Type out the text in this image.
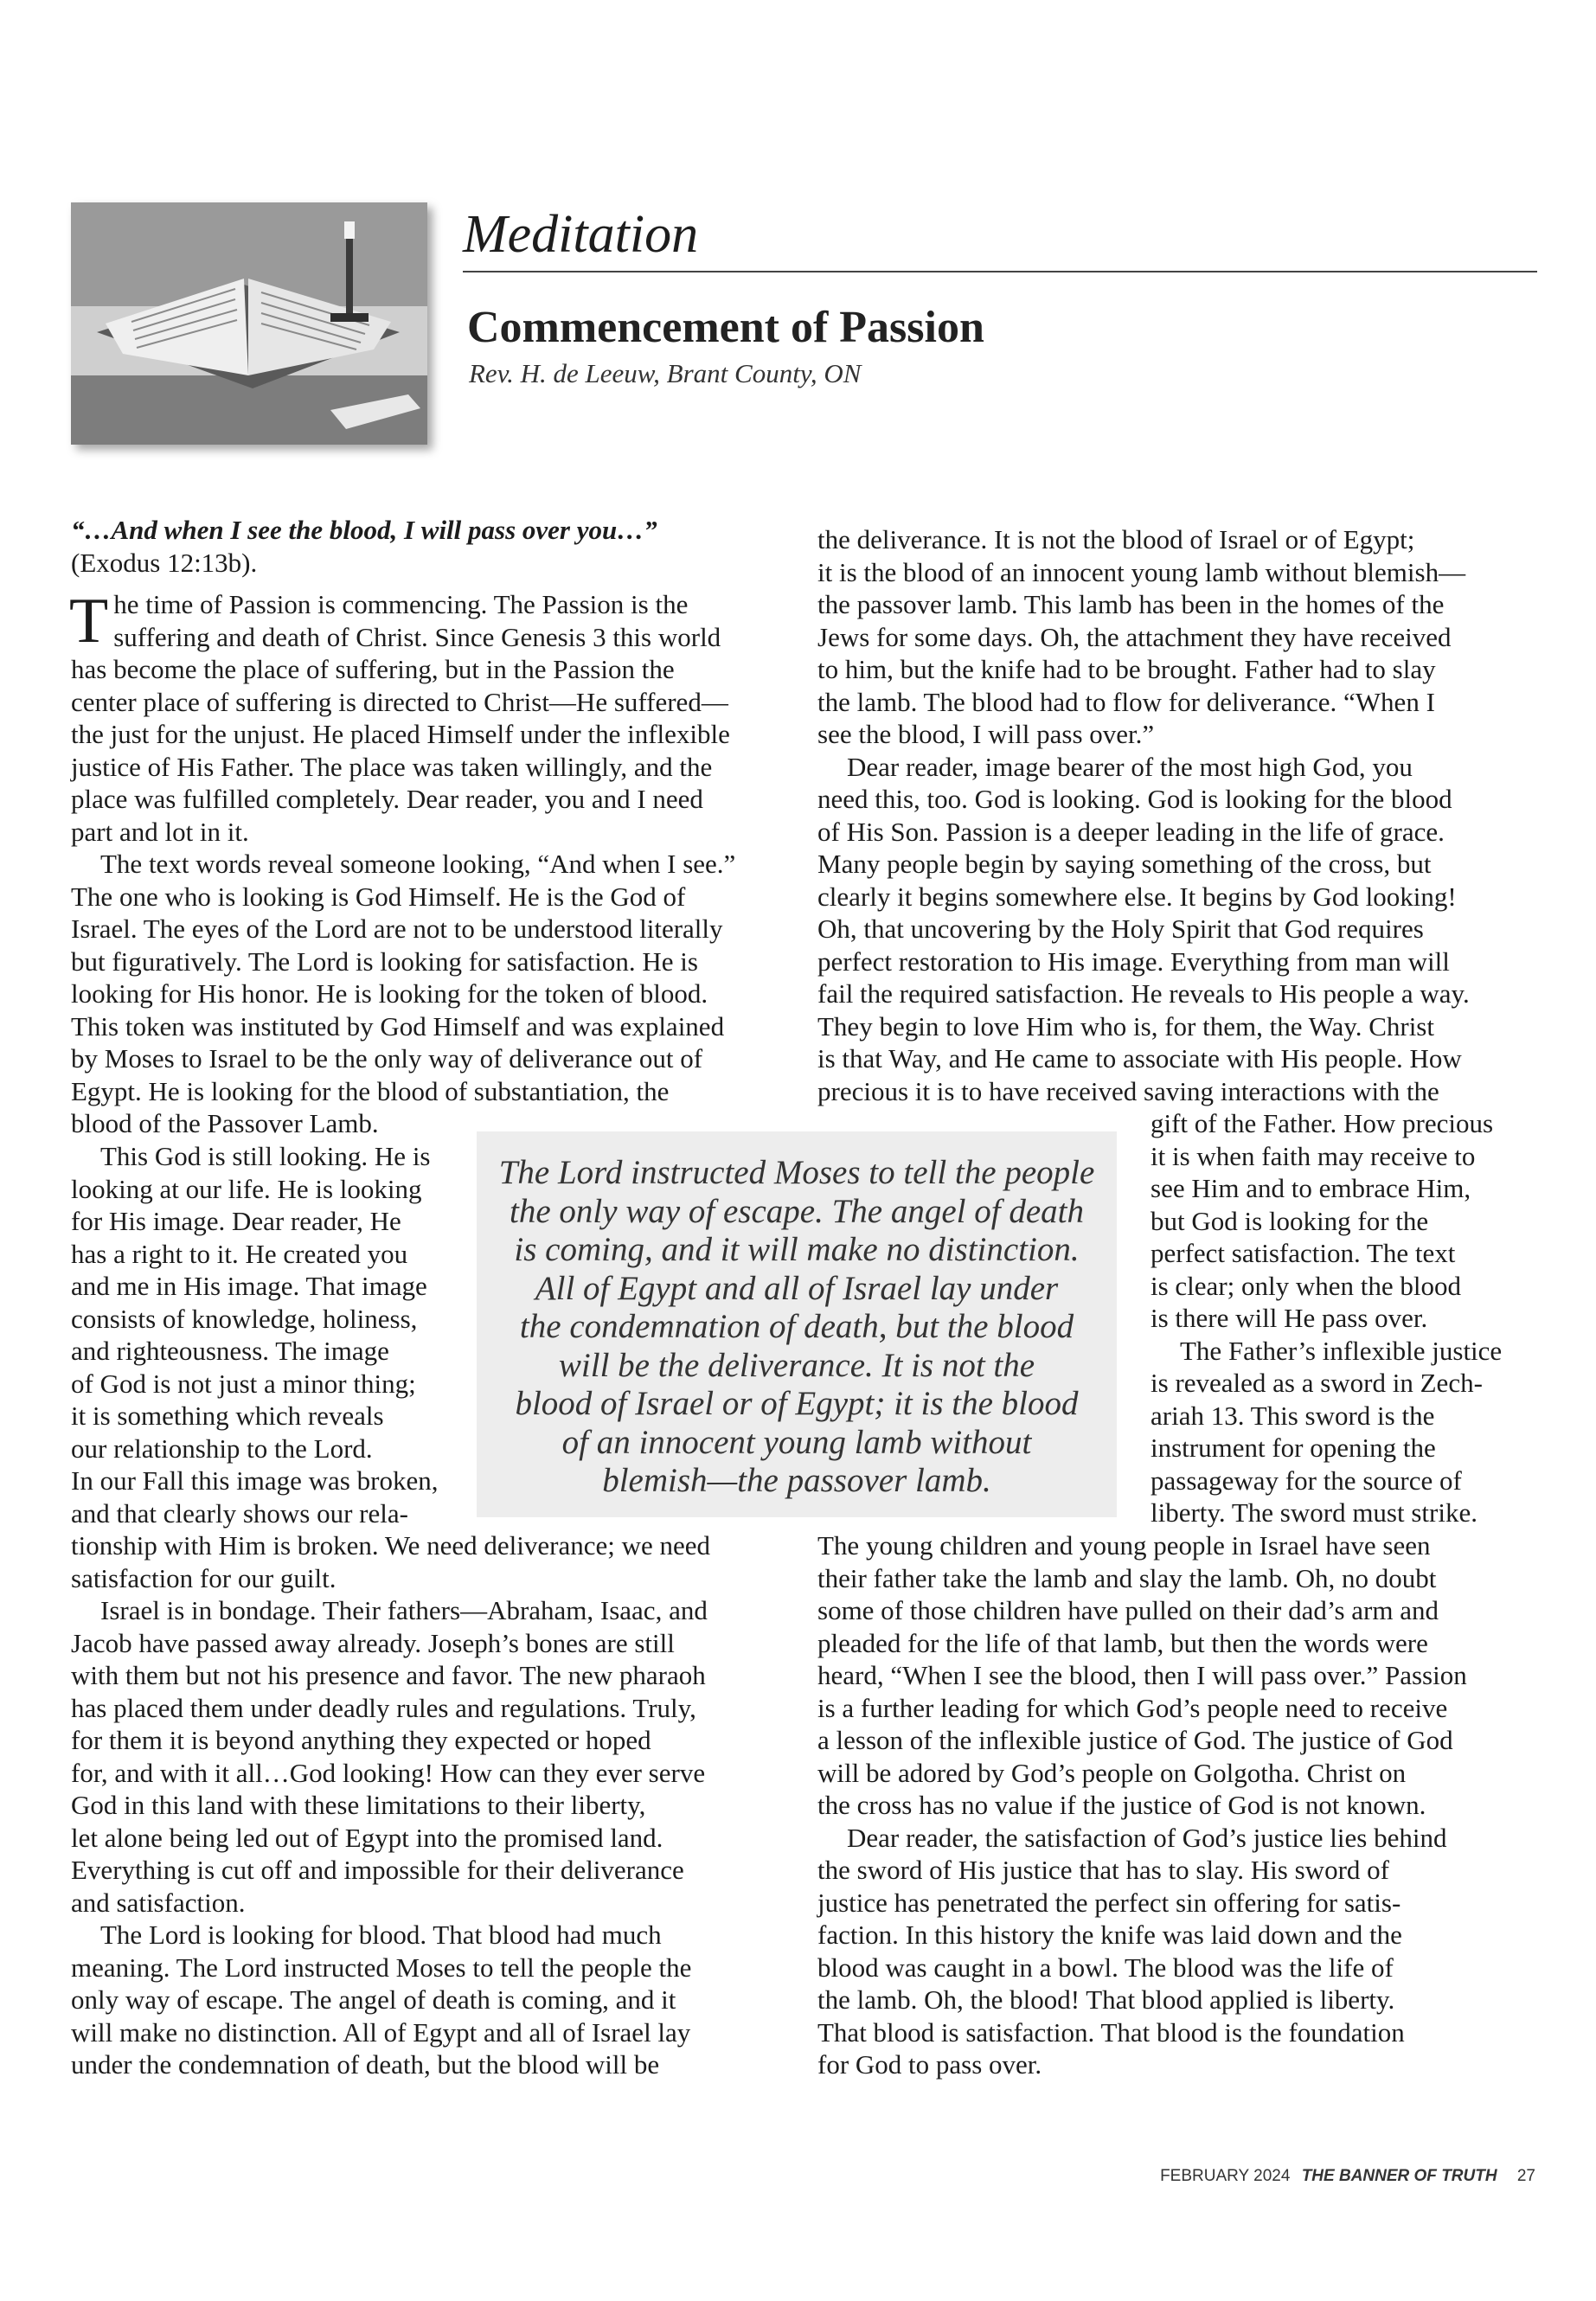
Meditation
Commencement of Passion
Rev. H. de Leeuw, Brant County, ON
“…And when I see the blood, I will pass over you…”
(Exodus 12:13b).
The time of Passion is commencing. The Passion is the
suffering and death of Christ. Since Genesis 3 this world
has become the place of suffering, but in the Passion the
center place of suffering is directed to Christ—He suffered—
the just for the unjust. He placed Himself under the inflexible
justice of His Father. The place was taken willingly, and the
place was fulfilled completely. Dear reader, you and I need
part and lot in it.
The text words reveal someone looking, “And when I see.”
The one who is looking is God Himself. He is the God of
Israel. The eyes of the Lord are not to be understood literally
but figuratively. The Lord is looking for satisfaction. He is
looking for His honor. He is looking for the token of blood.
This token was instituted by God Himself and was explained
by Moses to Israel to be the only way of deliverance out of
Egypt. He is looking for the blood of substantiation, the
blood of the Passover Lamb.
This God is still looking. He is
looking at our life. He is looking
for His image. Dear reader, He
has a right to it. He created you
and me in His image. That image
consists of knowledge, holiness,
and righteousness. The image
of God is not just a minor thing;
it is something which reveals
our relationship to the Lord.
In our Fall this image was broken,
and that clearly shows our rela-
tionship with Him is broken. We need deliverance; we need
satisfaction for our guilt.
Israel is in bondage. Their fathers—Abraham, Isaac, and
Jacob have passed away already. Joseph’s bones are still
with them but not his presence and favor. The new pharaoh
has placed them under deadly rules and regulations. Truly,
for them it is beyond anything they expected or hoped
for, and with it all…God looking! How can they ever serve
God in this land with these limitations to their liberty,
let alone being led out of Egypt into the promised land.
Everything is cut off and impossible for their deliverance
and satisfaction.
The Lord is looking for blood. That blood had much
meaning. The Lord instructed Moses to tell the people the
only way of escape. The angel of death is coming, and it
will make no distinction. All of Egypt and all of Israel lay
under the condemnation of death, but the blood will be
the deliverance. It is not the blood of Israel or of Egypt;
it is the blood of an innocent young lamb without blemish—
the passover lamb. This lamb has been in the homes of the
Jews for some days. Oh, the attachment they have received
to him, but the knife had to be brought. Father had to slay
the lamb. The blood had to flow for deliverance. “When I
see the blood, I will pass over.”
Dear reader, image bearer of the most high God, you
need this, too. God is looking. God is looking for the blood
of His Son. Passion is a deeper leading in the life of grace.
Many people begin by saying something of the cross, but
clearly it begins somewhere else. It begins by God looking!
Oh, that uncovering by the Holy Spirit that God requires
perfect restoration to His image. Everything from man will
fail the required satisfaction. He reveals to His people a way.
They begin to love Him who is, for them, the Way. Christ
is that Way, and He came to associate with His people. How
precious it is to have received saving interactions with the
gift of the Father. How precious
it is when faith may receive to
see Him and to embrace Him,
but God is looking for the
perfect satisfaction. The text
is clear; only when the blood
is there will He pass over.
The Father’s inflexible justice
is revealed as a sword in Zech-
ariah 13. This sword is the
instrument for opening the
passageway for the source of
liberty. The sword must strike.
The young children and young people in Israel have seen
their father take the lamb and slay the lamb. Oh, no doubt
some of those children have pulled on their dad’s arm and
pleaded for the life of that lamb, but then the words were
heard, “When I see the blood, then I will pass over.” Passion
is a further leading for which God’s people need to receive
a lesson of the inflexible justice of God. The justice of God
will be adored by God’s people on Golgotha. Christ on
the cross has no value if the justice of God is not known.
Dear reader, the satisfaction of God’s justice lies behind
the sword of His justice that has to slay. His sword of
justice has penetrated the perfect sin offering for satis-
faction. In this history the knife was laid down and the
blood was caught in a bowl. The blood was the life of
the lamb. Oh, the blood! That blood applied is liberty.
That blood is satisfaction. That blood is the foundation
for God to pass over.
The Lord instructed Moses to tell the people
the only way of escape. The angel of death
is coming, and it will make no distinction.
All of Egypt and all of Israel lay under
the condemnation of death, but the blood
will be the deliverance. It is not the
blood of Israel or of Egypt; it is the blood
of an innocent young lamb without
blemish—the passover lamb.
FEBRUARY 2024 THE BANNER OF TRUTH 27
